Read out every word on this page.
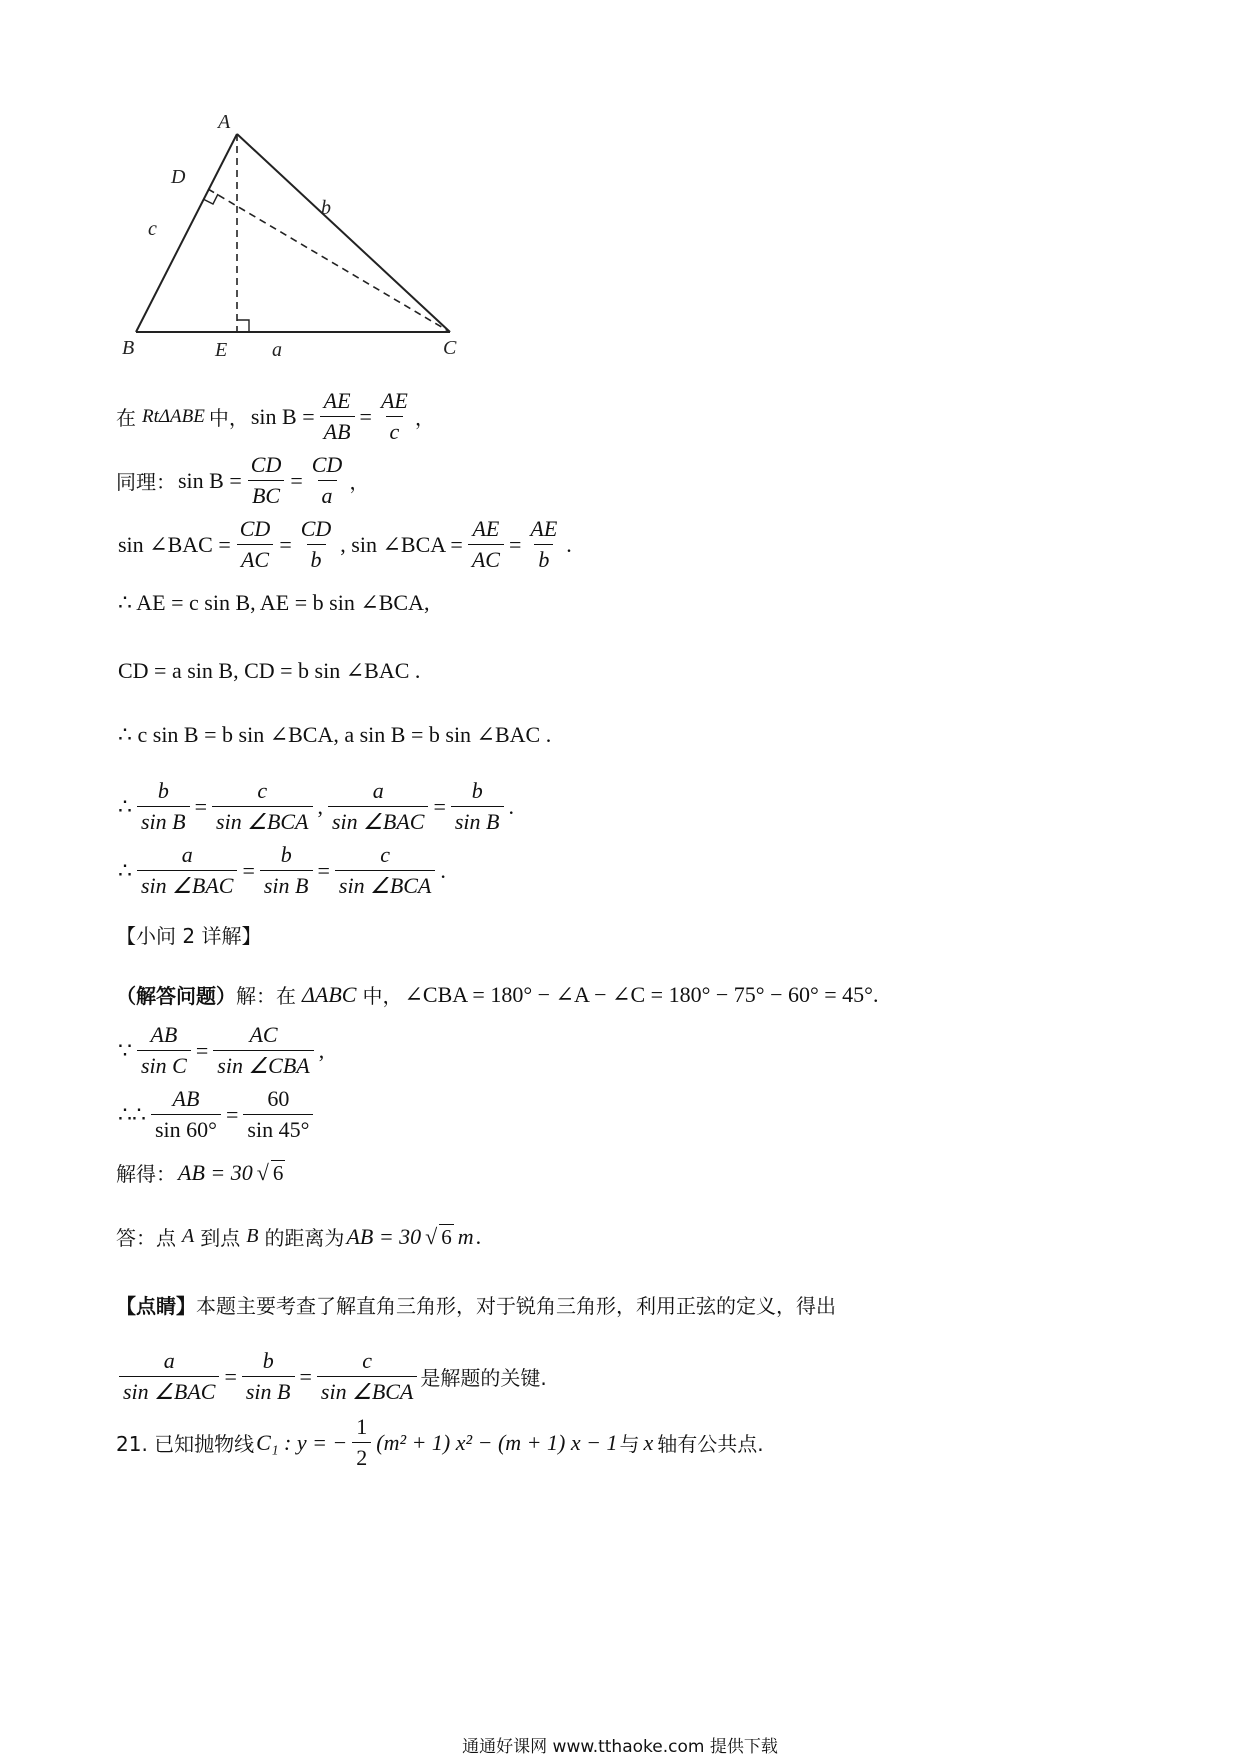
A
D
c
b
B	E a	C
在 Rt ΔABE 中， $\sin B = \frac{AE}{AB} = \frac{AE}{c}$ ，
同理： $\sin B = \frac{CD}{BC} = \frac{CD}{a}$ ，
sin ∠BAC = $\frac{CD}{AC} = \frac{CD}{b}$ , sin ∠BCA = $\frac{AE}{AC} = \frac{AE}{b}$ .
∴ AE = c sin B, AE = b sin ∠BCA,
CD = a sin B, CD = b sin ∠BAC .
∴ c sin B = b sin ∠BCA, a sin B = b sin ∠BAC .
∴ $\frac{b}{\text{sin B}} = \frac{c}{\text{sin ∠BCA}}$ , $\frac{a}{\text{sin ∠BAC}} = \frac{b}{\text{sin B}}$ .
∴ $\frac{a}{\text{sin ∠BAC}} = \frac{b}{\text{sin B}} = \frac{c}{\text{sin ∠BCA}}$ .
【小问 2 详解】
（解答问题） 解：在 ΔABC 中， ∠CBA = 180° − ∠A − ∠C = 180° − 75° − 60° = 45°.
∵ $\frac{AB}{\text{sin C}} = \frac{AC}{\text{sin ∠CBA}}$ ,
∴∴ $\frac{AB}{\sin 60^\circ} = \frac{60}{\sin 45^\circ}$
解得： AB = 30 √ 6
答：点 A 到点 B 的距离为 AB = 30 √ 6 m .
【点睛】 本题主要考查了解直角三角形，对于锐角三角形，利用正弦的定义，得出
$\frac{a}{\text{sin ∠BAC}} = \frac{b}{\text{sin B}} = \frac{c}{\text{sin ∠BCA}}$ 是解题的关键.
21. 已知抛物线 C₁ : y = − $\frac{1}{2} (m^2 + 1) x^2 - (m + 1) x - 1$ 与 x 轴有公共点.
通通好课网 www.tthaoke.com 提供下载
